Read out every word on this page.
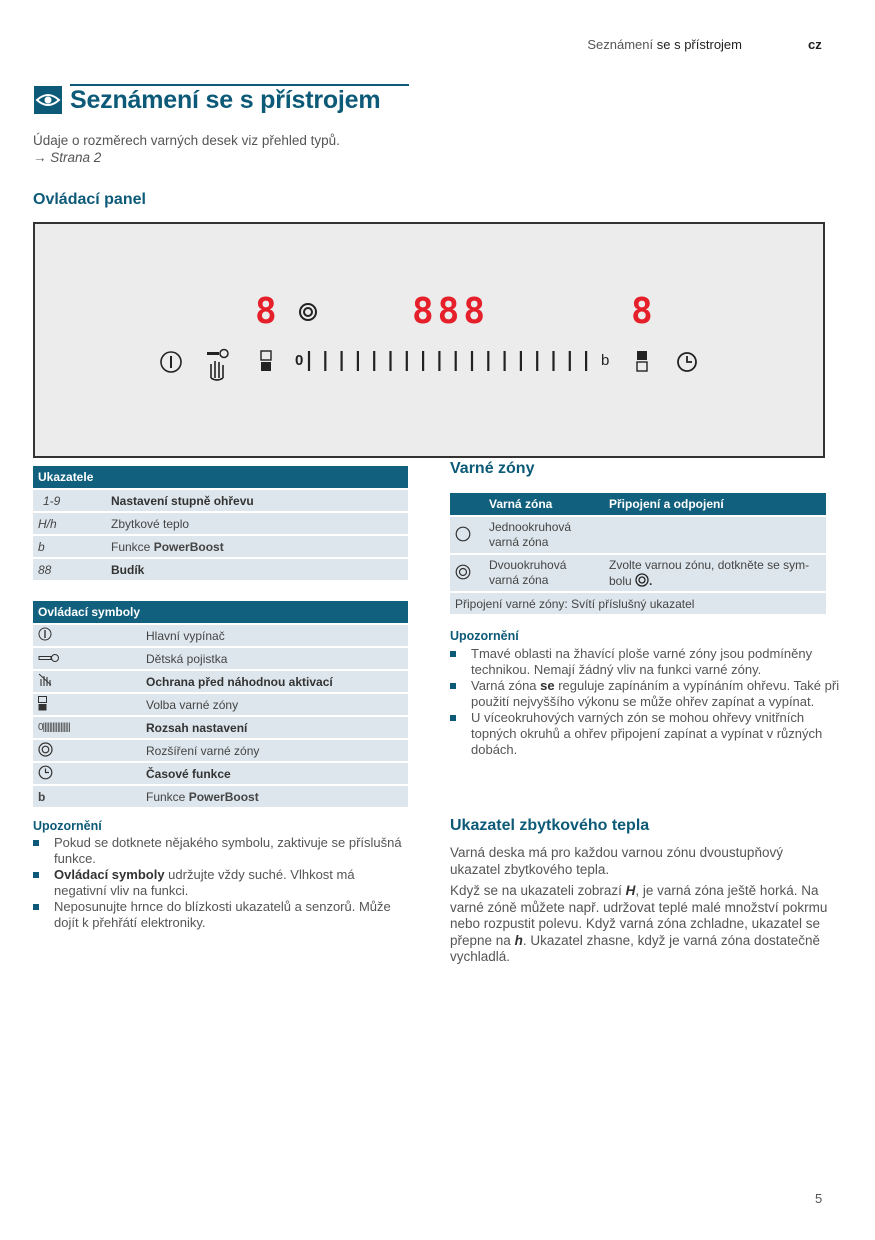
Seznámení se s přístrojem	cz
Seznámení se s přístrojem
Údaje o rozměrech varných desek viz přehled typů.
→ Strana 2
Ovládací panel
8	888	8
0	b
Ukazatele	
1-9	Nastavení stupně ohřevu
H/h	Zbytkové teplo
b	Funkce PowerBoost
88	Budík
Ovládací symboly	
	Hlavní vypínač
	Dětská pojistka
	Ochrana před náhodnou aktivací
	Volba varné zóny
0|||||||||||||||||	Rozsah nastavení
	Rozšíření varné zóny
	Časové funkce
b	Funkce PowerBoost
Upozornění
Pokud se dotknete nějakého symbolu, zaktivuje se příslušná funkce.
Ovládací symboly udržujte vždy suché. Vlhkost má negativní vliv na funkci.
Neposunujte hrnce do blízkosti ukazatelů a senzorů. Může dojít k přehřátí elektroniky.
Varné zóny
	Varná zóna	Připojení a odpojení
	Jednookruhová varná zóna	
	Dvouokruhová varná zóna	Zvolte varnou zónu, dotkněte se sym- bolu .
Připojení varné zóny: Svítí příslušný ukazatel		
Upozornění
Tmavé oblasti na žhavící ploše varné zóny jsou podmíněny technikou. Nemají žádný vliv na funkci varné zóny.
Varná zóna se reguluje zapínáním a vypínáním ohřevu. Také při použití nejvyššího výkonu se může ohřev zapínat a vypínat.
U víceokruhových varných zón se mohou ohřevy vnitřních topných okruhů a ohřev připojení zapínat a vypínat v různých dobách.
Ukazatel zbytkového tepla
Varná deska má pro každou varnou zónu dvoustupňový ukazatel zbytkového tepla.
Když se na ukazateli zobrazí H, je varná zóna ještě horká. Na varné zóně můžete např. udržovat teplé malé množství pokrmu nebo rozpustit polevu. Když varná zóna zchladne, ukazatel se přepne na h. Ukazatel zhasne, když je varná zóna dostatečně vychladlá.
5
